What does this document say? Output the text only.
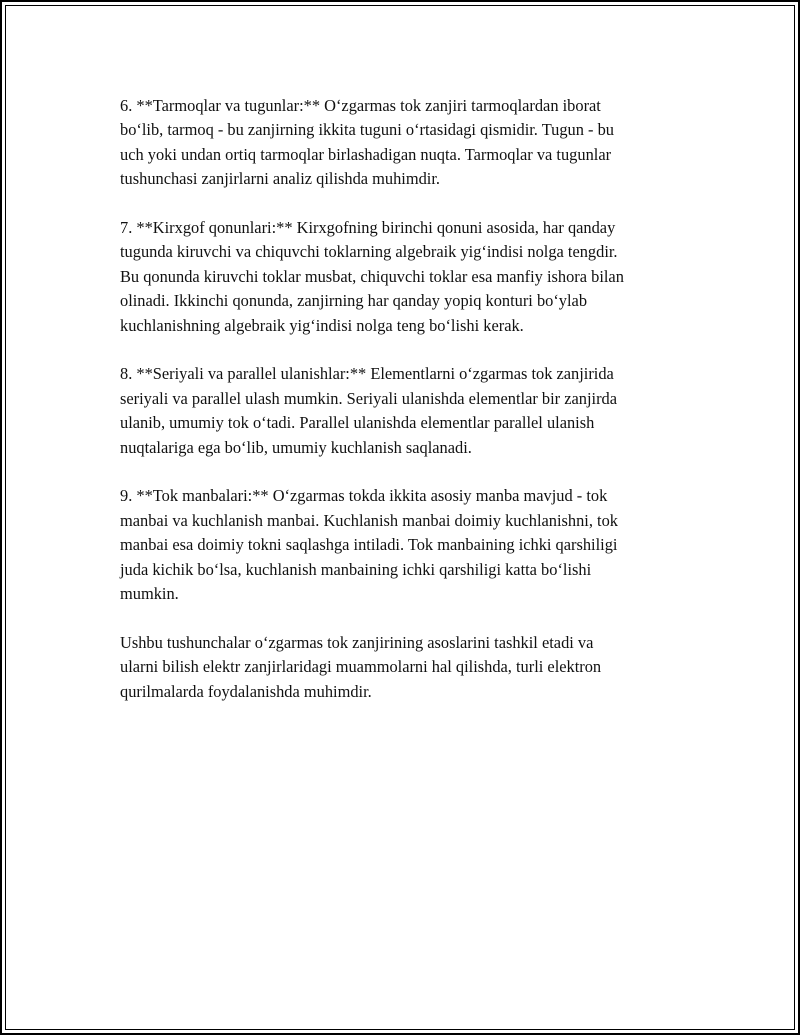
6. **Tarmoqlar va tugunlar:** O‘zgarmas tok zanjiri tarmoqlardan iborat
bo‘lib, tarmoq - bu zanjirning ikkita tuguni o‘rtasidagi qismidir. Tugun - bu
uch yoki undan ortiq tarmoqlar birlashadigan nuqta. Tarmoqlar va tugunlar
tushunchasi zanjirlarni analiz qilishda muhimdir.

7. **Kirxgof qonunlari:** Kirxgofning birinchi qonuni asosida, har qanday
tugunda kiruvchi va chiquvchi toklarning algebraik yig‘indisi nolga tengdir.
Bu qonunda kiruvchi toklar musbat, chiquvchi toklar esa manfiy ishora bilan
olinadi. Ikkinchi qonunda, zanjirning har qanday yopiq konturi bo‘ylab
kuchlanishning algebraik yig‘indisi nolga teng bo‘lishi kerak.

8. **Seriyali va parallel ulanishlar:** Elementlarni o‘zgarmas tok zanjirida
seriyali va parallel ulash mumkin. Seriyali ulanishda elementlar bir zanjirda
ulanib, umumiy tok o‘tadi. Parallel ulanishda elementlar parallel ulanish
nuqtalariga ega bo‘lib, umumiy kuchlanish saqlanadi.

9. **Tok manbalari:** O‘zgarmas tokda ikkita asosiy manba mavjud - tok
manbai va kuchlanish manbai. Kuchlanish manbai doimiy kuchlanishni, tok
manbai esa doimiy tokni saqlashga intiladi. Tok manbaining ichki qarshiligi
juda kichik bo‘lsa, kuchlanish manbaining ichki qarshiligi katta bo‘lishi
mumkin.

Ushbu tushunchalar o‘zgarmas tok zanjirining asoslarini tashkil etadi va
ularni bilish elektr zanjirlaridagi muammolarni hal qilishda, turli elektron
qurilmalarda foydalanishda muhimdir.
